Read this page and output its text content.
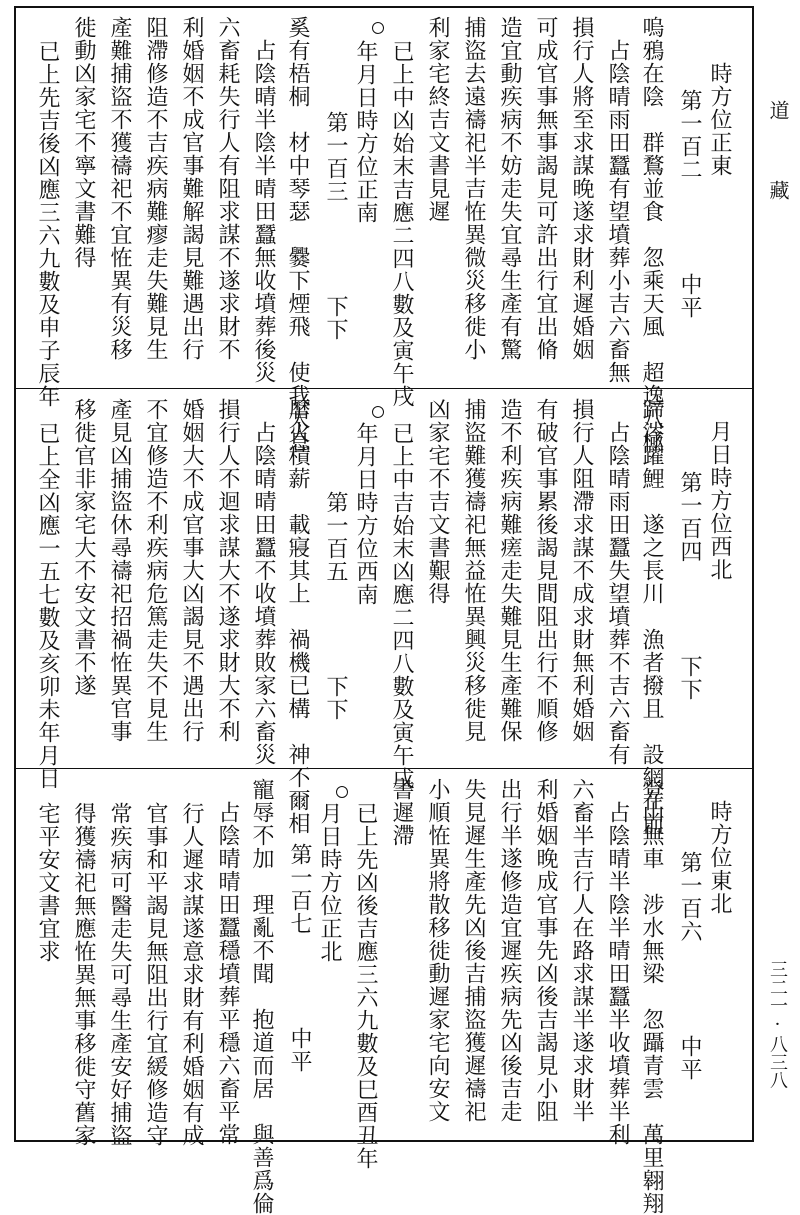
時方位正東
　第一百二　　　　中平
嗚鴉在陰　群鶩並食　忽乘天風　超逸八極
　占陰晴雨田蠶有望墳葬小吉六畜無
損行人將至求謀晚遂求財利遲婚姻
可成官事無事謁見可許出行宜出脩
造宜動疾病不妨走失宜尋生產有驚
捕盜去遠禱祀半吉恠異微災移徙小
利家宅終吉文書見遲
已上中凶始末吉應二四八數及寅午戌
年月日時方位正南
　第一百三　　　　下下
奚有梧桐　材中琴瑟　爨下煙飛　使我太息
　占陰晴半陰半晴田蠶無收墳葬後災
六畜耗失行人有阻求謀不遂求財不
利婚姻不成官事難解謁見難遇出行
阻滯修造不吉疾病難瘳走失難見生
產難捕盜不獲禱祀不宜恠異有災移
徙動凶家宅不寧文書難得
已上先吉後凶應三六九數及申子辰年
月日時方位西北
　第一百四　　　　下下
蹄涔躍鯉　遂之長川　漁者撥且　設網在前
　占陰晴雨田蠶失望墳葬不吉六畜有
損行人阻滯求謀不成求財無利婚姻
有破官事累後謁見間阻出行不順修
造不利疾病難瘥走失難見生產難保
捕盜難獲禱祀無益恠異興災移徙見
凶家宅不吉文書艱得
已上中吉始末凶應二四八數及寅午戌
年月日時方位西南
　第一百五　　　　下下
曆火積薪　載寢其上　禍機已構　神不爾相
　占陰晴晴田蠶不收墳葬敗家六畜災
損行人不迴求謀大不遂求財大不利
婚姻大不成官事大凶謁見不遇出行
不宜修造不利疾病危篤走失不見生
產見凶捕盜休尋禱祀招禍恠異官事
移徙官非家宅大不安文書不遂
已上全凶應一五七數及亥卯未年月日
時方位東北
　第一百六　　　　中平
登山無車　涉水無梁　忽躡青雲　萬里翱翔
　占陰晴半陰半晴田蠶半收墳葬半利
六畜半吉行人在路求謀半遂求財半
利婚姻晚成官事先凶後吉謁見小阻
出行半遂修造宜遲疾病先凶後吉走
失見遲生產先凶後吉捕盜獲遲禱祀
小順恠異將散移徙動遲家宅向安文
書遲滯
已上先凶後吉應三六九數及巳酉丑年
月日時方位正北
　第一百七　　　　中平
寵辱不加　理亂不聞　抱道而居　與善爲倫
　占陰晴晴田蠶穩墳葬平穩六畜平常
行人遲求謀遂意求財有利婚姻有成
官事和平謁見無阻出行宜緩修造守
常疾病可醫走失可尋生產安好捕盜
得獲禱祀無應恠異無事移徙守舊家
宅平安文書宜求
道
藏
三二一·八三八
